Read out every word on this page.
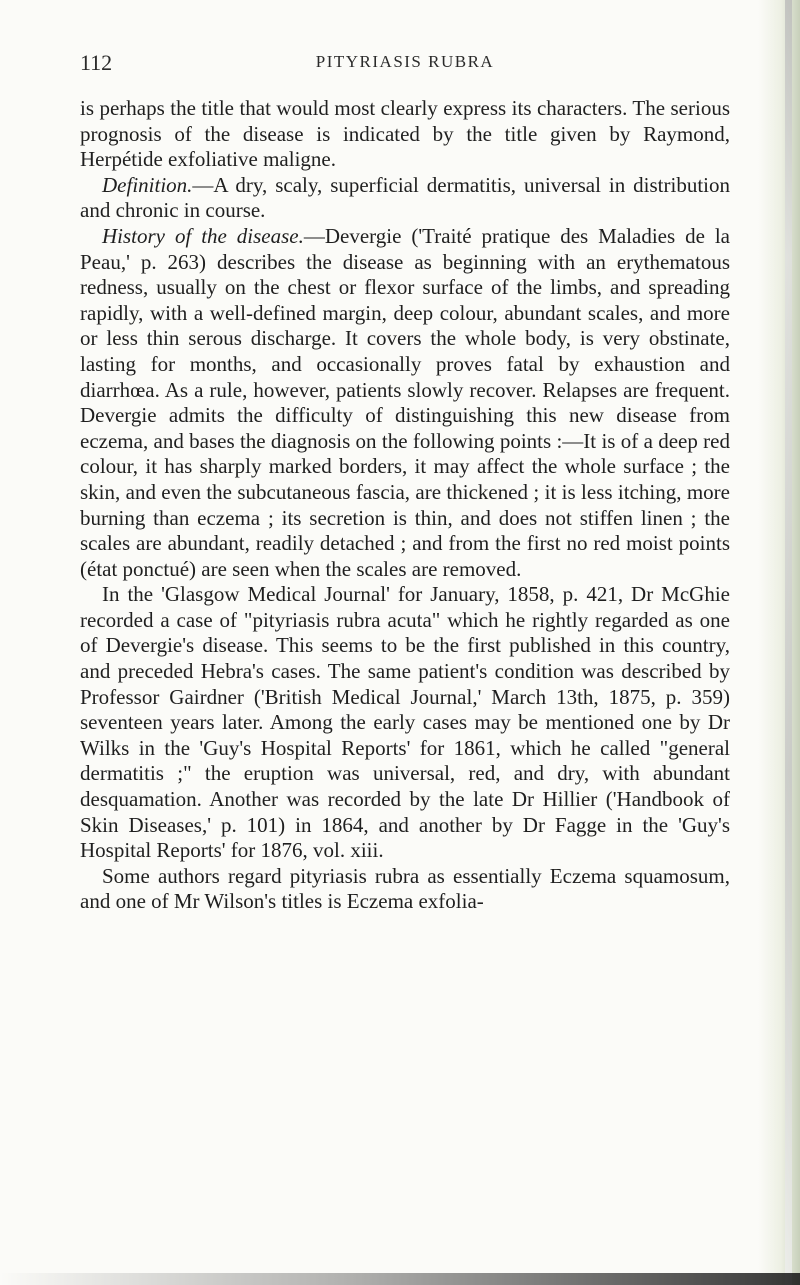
112	PITYRIASIS RUBRA

is perhaps the title that would most clearly express its characters. The serious prognosis of the disease is indicated by the title given by Raymond, Herpétide exfoliative maligne.

Definition.—A dry, scaly, superficial dermatitis, universal in distribution and chronic in course.

History of the disease.—Devergie ('Traité pratique des Maladies de la Peau,' p. 263) describes the disease as beginning with an erythematous redness, usually on the chest or flexor surface of the limbs, and spreading rapidly, with a well-defined margin, deep colour, abundant scales, and more or less thin serous discharge. It covers the whole body, is very obstinate, lasting for months, and occasionally proves fatal by exhaustion and diarrhœa. As a rule, however, patients slowly recover. Relapses are frequent. Devergie admits the difficulty of distinguishing this new disease from eczema, and bases the diagnosis on the following points :—It is of a deep red colour, it has sharply marked borders, it may affect the whole surface ; the skin, and even the subcutaneous fascia, are thickened ; it is less itching, more burning than eczema ; its secretion is thin, and does not stiffen linen ; the scales are abundant, readily detached ; and from the first no red moist points (état ponctué) are seen when the scales are removed.

In the 'Glasgow Medical Journal' for January, 1858, p. 421, Dr McGhie recorded a case of "pityriasis rubra acuta" which he rightly regarded as one of Devergie's disease. This seems to be the first published in this country, and preceded Hebra's cases. The same patient's condition was described by Professor Gairdner ('British Medical Journal,' March 13th, 1875, p. 359) seventeen years later. Among the early cases may be mentioned one by Dr Wilks in the 'Guy's Hospital Reports' for 1861, which he called "general dermatitis ;" the eruption was universal, red, and dry, with abundant desquamation. Another was recorded by the late Dr Hillier ('Handbook of Skin Diseases,' p. 101) in 1864, and another by Dr Fagge in the 'Guy's Hospital Reports' for 1876, vol. xiii.

Some authors regard pityriasis rubra as essentially Eczema squamosum, and one of Mr Wilson's titles is Eczema exfolia-
